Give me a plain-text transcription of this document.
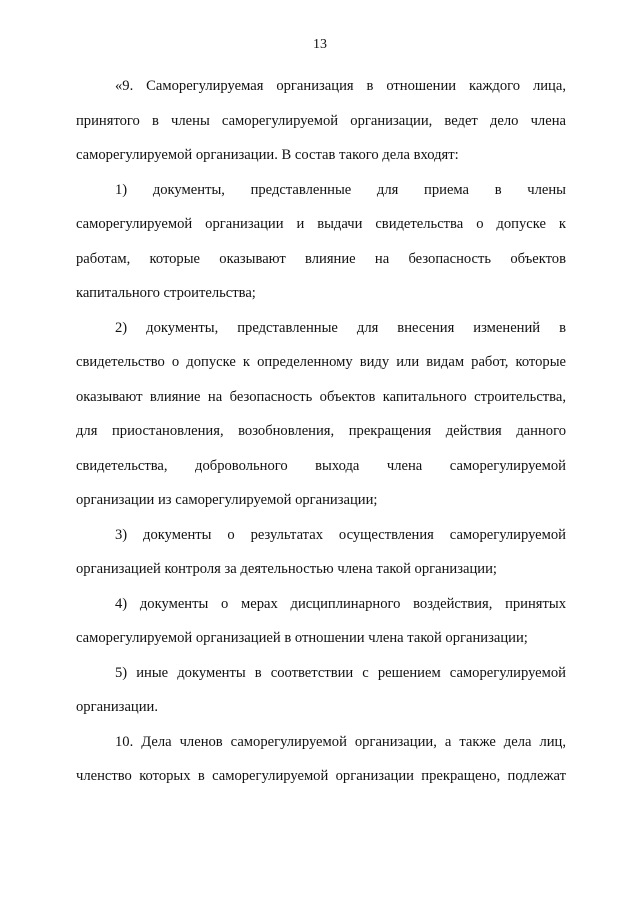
13
«9. Саморегулируемая организация в отношении каждого лица,
принятого в члены саморегулируемой организации, ведет дело члена
саморегулируемой организации. В состав такого дела входят:
1) документы, представленные для приема в члены
саморегулируемой организации и выдачи свидетельства о допуске к
работам, которые оказывают влияние на безопасность объектов
капитального строительства;
2) документы, представленные для внесения изменений в
свидетельство о допуске к определенному виду или видам работ, которые
оказывают влияние на безопасность объектов капитального строительства,
для приостановления, возобновления, прекращения действия данного
свидетельства, добровольного выхода члена саморегулируемой
организации из саморегулируемой организации;
3) документы о результатах осуществления саморегулируемой
организацией контроля за деятельностью члена такой организации;
4) документы о мерах дисциплинарного воздействия, принятых
саморегулируемой организацией в отношении члена такой организации;
5) иные документы в соответствии с решением саморегулируемой
организации.
10. Дела членов саморегулируемой организации, а также дела лиц,
членство которых в саморегулируемой организации прекращено, подлежат
